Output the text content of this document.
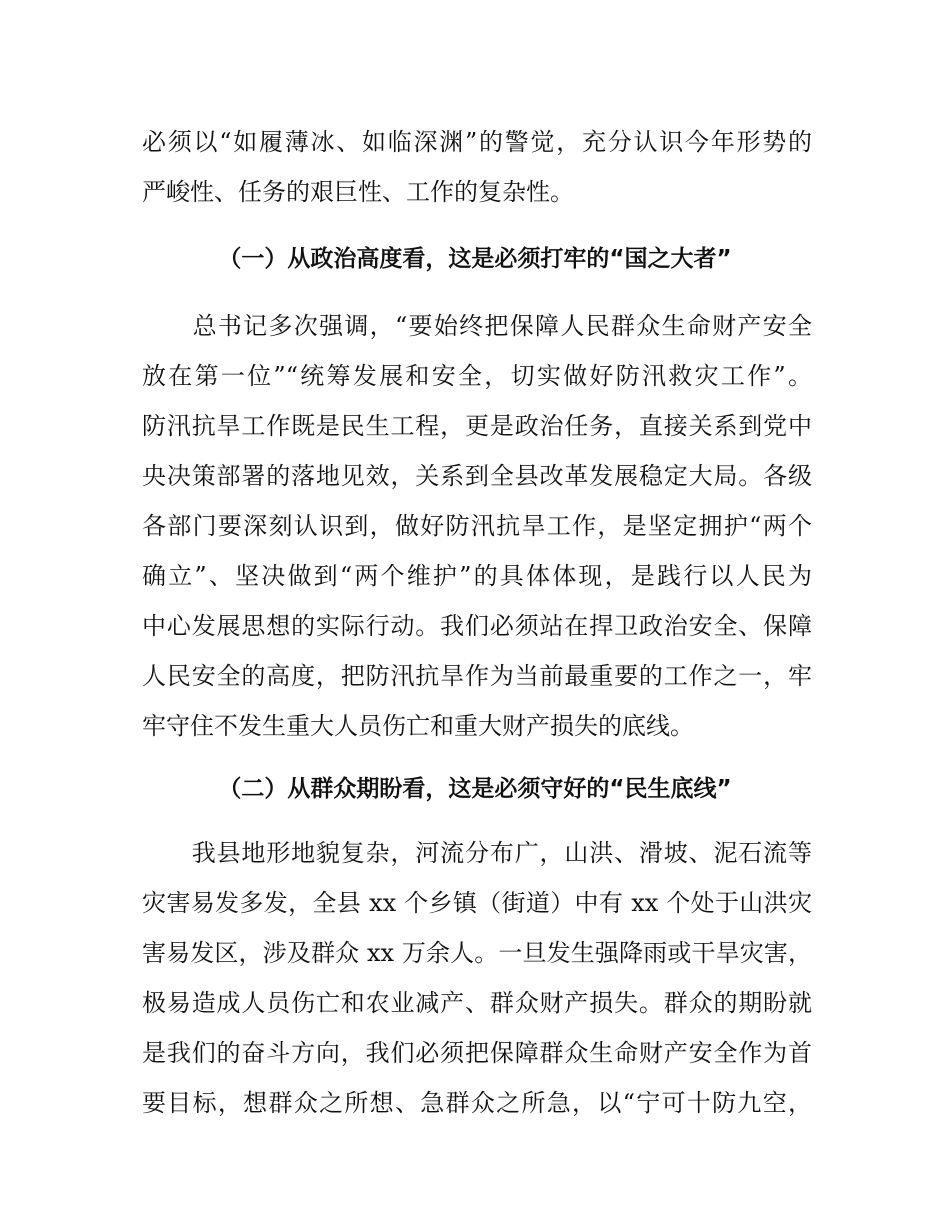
必须以“如履薄冰、如临深渊”的警觉，充分认识今年形势的
严峻性、任务的艰巨性、工作的复杂性。
（一）从政治高度看，这是必须打牢的“国之大者”
　　总书记多次强调，“要始终把保障人民群众生命财产安全
放在第一位”“统筹发展和安全，切实做好防汛救灾工作”。
防汛抗旱工作既是民生工程，更是政治任务，直接关系到党中
央决策部署的落地见效，关系到全县改革发展稳定大局。各级
各部门要深刻认识到，做好防汛抗旱工作，是坚定拥护“两个
确立”、坚决做到“两个维护”的具体体现，是践行以人民为
中心发展思想的实际行动。我们必须站在捍卫政治安全、保障
人民安全的高度，把防汛抗旱作为当前最重要的工作之一，牢
牢守住不发生重大人员伤亡和重大财产损失的底线。
（二）从群众期盼看，这是必须守好的“民生底线”
　　我县地形地貌复杂，河流分布广，山洪、滑坡、泥石流等
灾害易发多发，全县 xx 个乡镇（街道）中有 xx 个处于山洪灾
害易发区，涉及群众 xx 万余人。一旦发生强降雨或干旱灾害，
极易造成人员伤亡和农业减产、群众财产损失。群众的期盼就
是我们的奋斗方向，我们必须把保障群众生命财产安全作为首
要目标，想群众之所想、急群众之所急，以“宁可十防九空，
